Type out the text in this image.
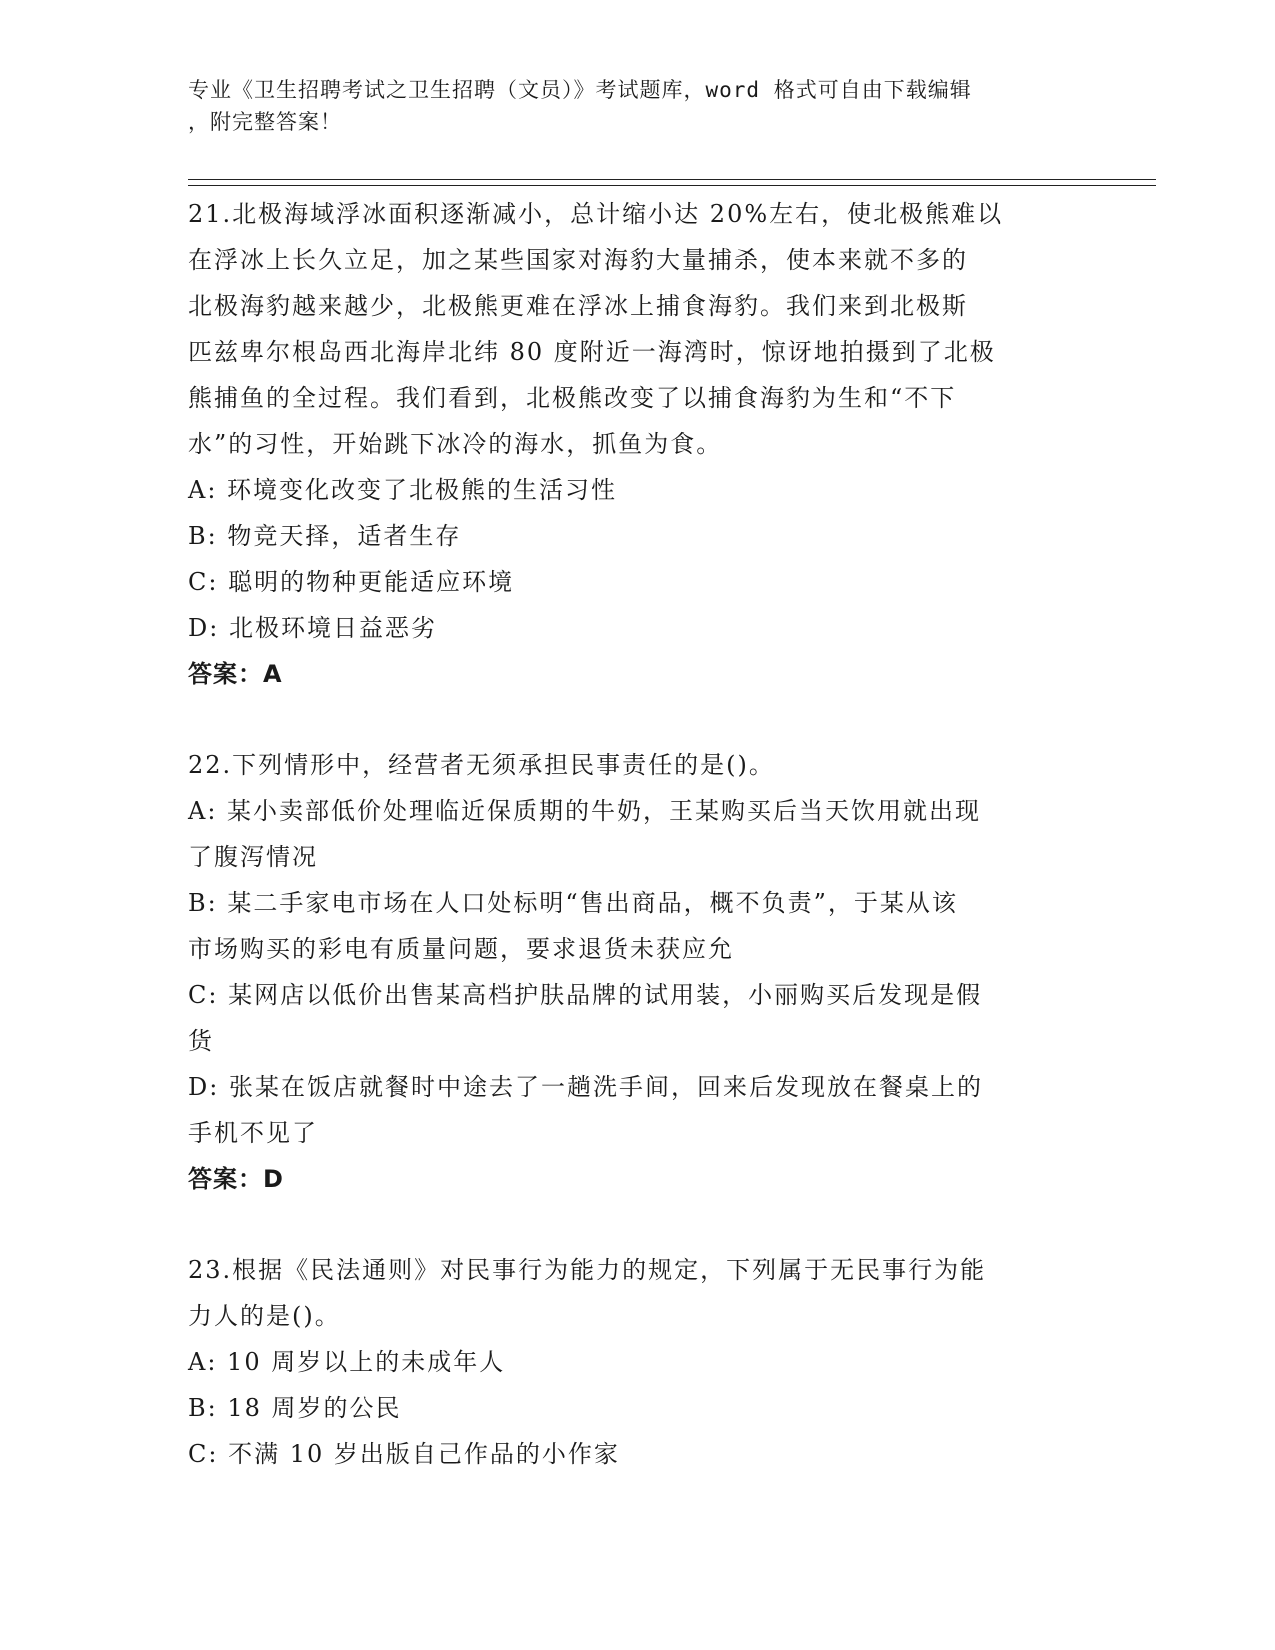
专业《卫生招聘考试之卫生招聘（文员）》考试题库，word 格式可自由下载编辑
，附完整答案！
21.北极海域浮冰面积逐渐减小，总计缩小达 20%左右，使北极熊难以
在浮冰上长久立足，加之某些国家对海豹大量捕杀，使本来就不多的
北极海豹越来越少，北极熊更难在浮冰上捕食海豹。我们来到北极斯
匹兹卑尔根岛西北海岸北纬 80 度附近一海湾时，惊讶地拍摄到了北极
熊捕鱼的全过程。我们看到，北极熊改变了以捕食海豹为生和“不下
水”的习性，开始跳下冰冷的海水，抓鱼为食。
A: 环境变化改变了北极熊的生活习性
B: 物竞天择，适者生存
C: 聪明的物种更能适应环境
D: 北极环境日益恶劣
答案：A
22.下列情形中，经营者无须承担民事责任的是()。
A: 某小卖部低价处理临近保质期的牛奶，王某购买后当天饮用就出现
了腹泻情况
B: 某二手家电市场在人口处标明“售出商品，概不负责”，于某从该
市场购买的彩电有质量问题，要求退货未获应允
C: 某网店以低价出售某高档护肤品牌的试用装，小丽购买后发现是假
货
D: 张某在饭店就餐时中途去了一趟洗手间，回来后发现放在餐桌上的
手机不见了
答案：D
23.根据《民法通则》对民事行为能力的规定，下列属于无民事行为能
力人的是()。
A: 10 周岁以上的未成年人
B: 18 周岁的公民
C: 不满 10 岁出版自己作品的小作家
